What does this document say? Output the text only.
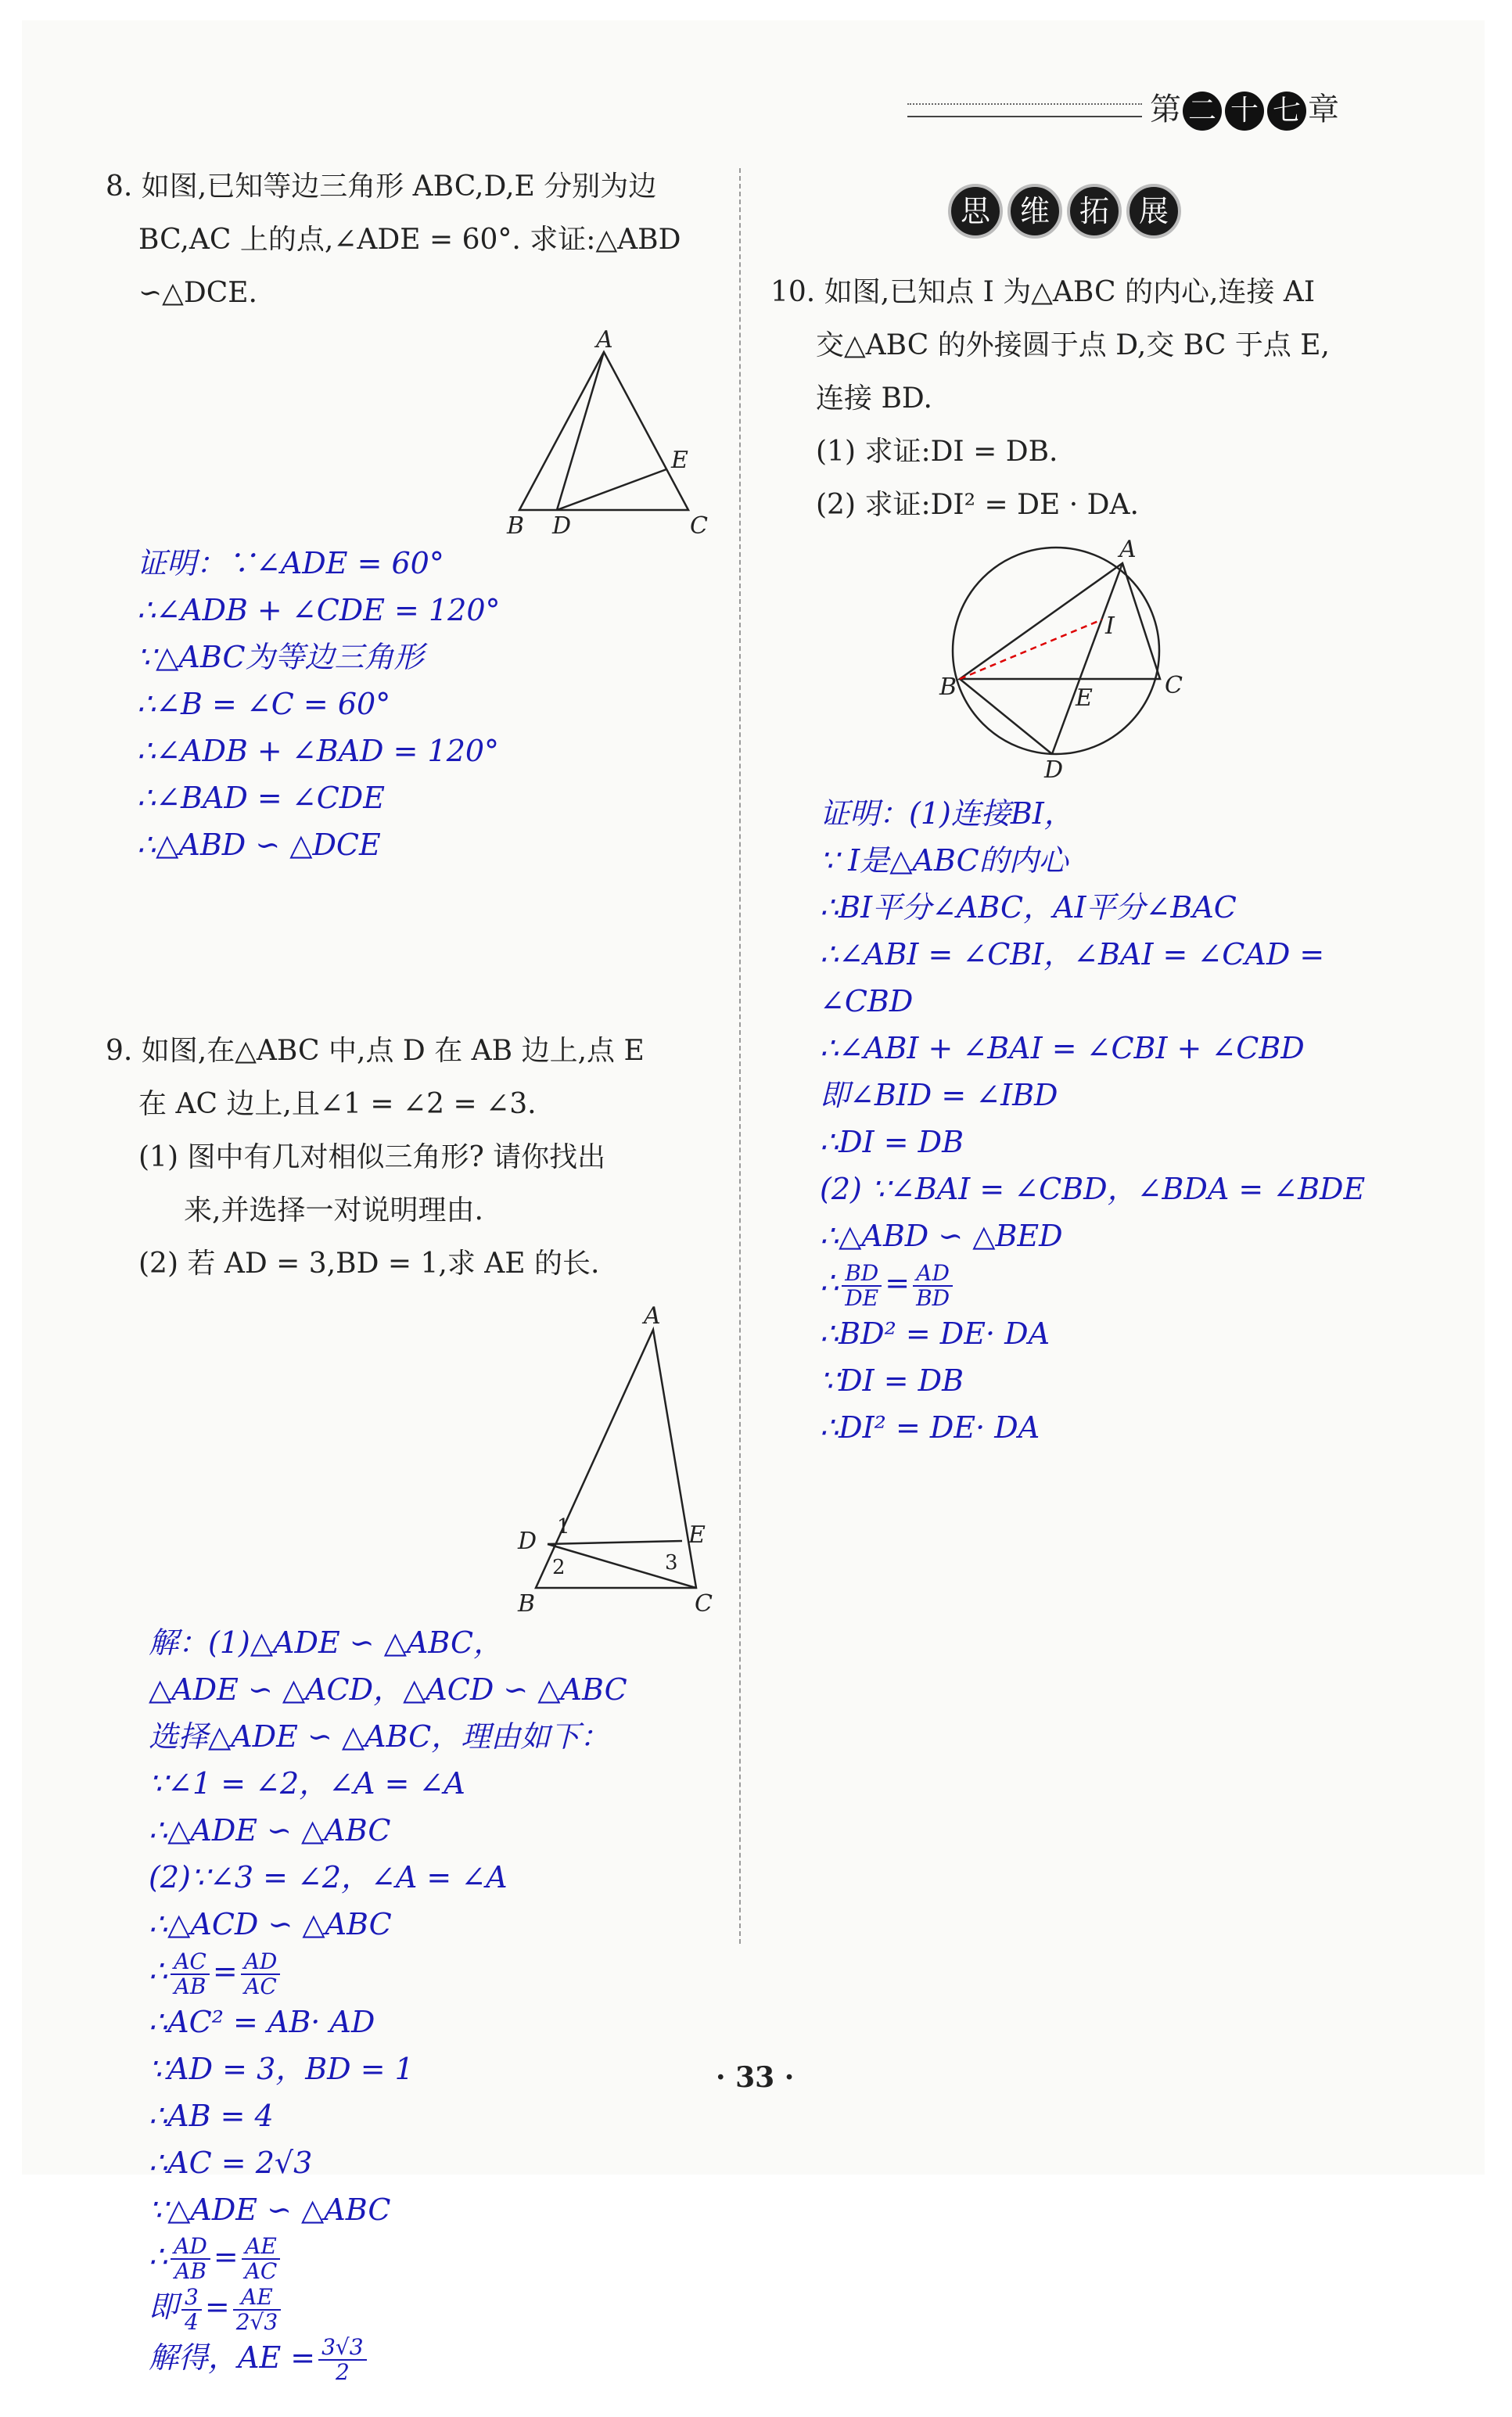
第 二 十 七 章
8. 如图,已知等边三角形 ABC,D,E 分别为边
BC,AC 上的点,∠ADE = 60°. 求证:△ABD
∽△DCE.
A
B D	C
E
证明：∵∠ADE = 60°
∴∠ADB + ∠CDE = 120°
∵△ABC为等边三角形
∴∠B = ∠C = 60°
∴∠ADB + ∠BAD = 120°
∴∠BAD = ∠CDE
∴△ABD ∽ △DCE
9. 如图,在△ABC 中,点 D 在 AB 边上,点 E
在 AC 边上,且∠1 = ∠2 = ∠3.
(1) 图中有几对相似三角形? 请你找出
来,并选择一对说明理由.
(2) 若 AD = 3,BD = 1,求 AE 的长.
A
D	E
B	C
1
2	3
解：(1)△ADE ∽ △ABC，
△ADE ∽ △ACD，△ACD ∽ △ABC
选择△ADE ∽ △ABC，理由如下：
∵∠1 = ∠2，∠A = ∠A
∴△ADE ∽ △ABC
(2)∵∠3 = ∠2，∠A = ∠A
∴△ACD ∽ △ABC
∴ $\frac{AC}{AB} = \frac{AD}{AC}$
∴AC² = AB· AD
∵AD = 3，BD = 1
∴AB = 4
∴AC = 2√3
∵△ADE ∽ △ABC
∴ $\frac{AD}{AB} = \frac{AE}{AC}$
即 $\frac{3}{4} = \frac{AE}{2√3}$
解得，AE = $\frac{3√3}{2}$
思 维 拓 展
10. 如图,已知点 I 为△ABC 的内心,连接 AI
交△ABC 的外接圆于点 D,交 BC 于点 E,
连接 BD.
(1) 求证:DI = DB.
(2) 求证:DI² = DE · DA.
A
I
B	C
E
D
证明：(1)连接BI，
∵ I是△ABC的内心
∴BI平分∠ABC，AI平分∠BAC
∴∠ABI = ∠CBI，∠BAI = ∠CAD =
∠CBD
∴∠ABI + ∠BAI = ∠CBI + ∠CBD
即∠BID = ∠IBD
∴DI = DB
(2) ∵∠BAI = ∠CBD，∠BDA = ∠BDE
∴△ABD ∽ △BED
∴ $\frac{BD}{DE} = \frac{AD}{BD}$
∴BD² = DE· DA
∵DI = DB
∴DI² = DE· DA
· 33 ·
